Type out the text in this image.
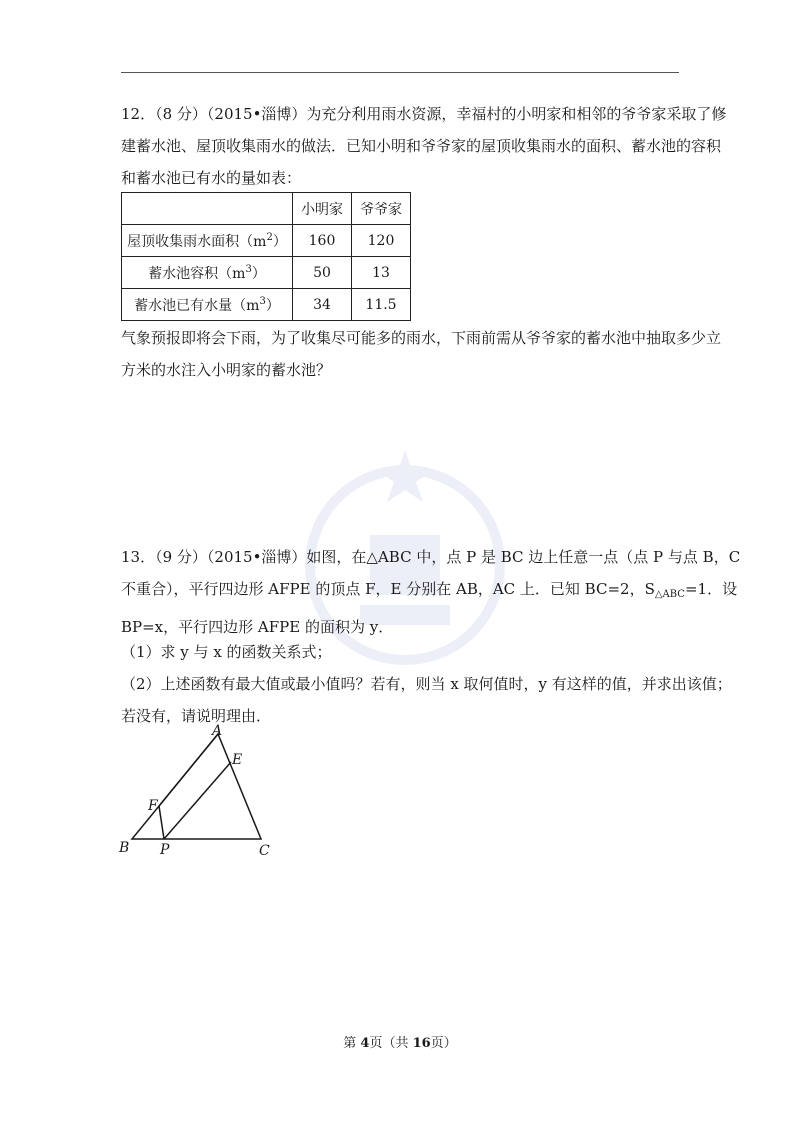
12．（8 分）（2015•淄博）为充分利用雨水资源，幸福村的小明家和相邻的爷爷家采取了修
建蓄水池、屋顶收集雨水的做法．已知小明和爷爷家的屋顶收集雨水的面积、蓄水池的容积
和蓄水池已有水的量如表：
	小明家	爷爷家
屋顶收集雨水面积$(m^2)$	160	120
蓄水池容积$(m^3)$	50	13
蓄水池已有水量$(m^3)$	34	11.5
气象预报即将会下雨，为了收集尽可能多的雨水，下雨前需从爷爷家的蓄水池中抽取多少立
方米的水注入小明家的蓄水池？
13．（9 分）（2015•淄博）如图，在△ABC 中，点 P 是 BC 边上任意一点（点 P 与点 B，C
不重合），平行四边形 AFPE 的顶点 F，E 分别在 AB，AC 上．已知 BC=2，$S_{\triangle ABC}=1$．设
BP=x，平行四边形 AFPE 的面积为 y．
（1）求 y 与 x 的函数关系式；
（2）上述函数有最大值或最小值吗？若有，则当 x 取何值时，y 有这样的值，并求出该值；
若没有，请说明理由．
A
E
F
B P	C
第 4页（共 16页）
